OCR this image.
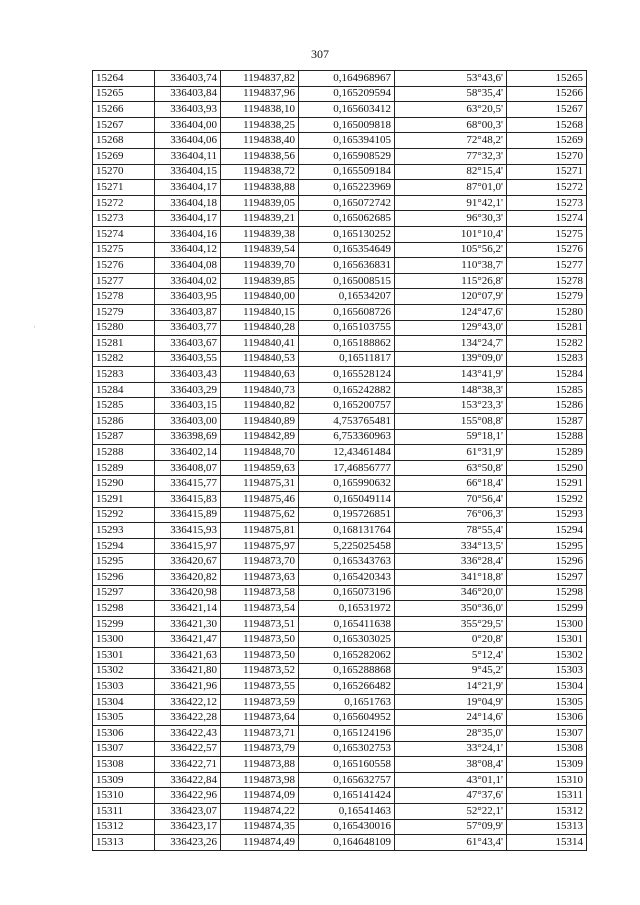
307
·
15264	336403,74	1194837,82	0,164968967	53°43,6'	15265
15265	336403,84	1194837,96	0,165209594	58°35,4'	15266
15266	336403,93	1194838,10	0,165603412	63°20,5'	15267
15267	336404,00	1194838,25	0,165009818	68°00,3'	15268
15268	336404,06	1194838,40	0,165394105	72°48,2'	15269
15269	336404,11	1194838,56	0,165908529	77°32,3'	15270
15270	336404,15	1194838,72	0,165509184	82°15,4'	15271
15271	336404,17	1194838,88	0,165223969	87°01,0'	15272
15272	336404,18	1194839,05	0,165072742	91°42,1'	15273
15273	336404,17	1194839,21	0,165062685	96°30,3'	15274
15274	336404,16	1194839,38	0,165130252	101°10,4'	15275
15275	336404,12	1194839,54	0,165354649	105°56,2'	15276
15276	336404,08	1194839,70	0,165636831	110°38,7'	15277
15277	336404,02	1194839,85	0,165008515	115°26,8'	15278
15278	336403,95	1194840,00	0,16534207	120°07,9'	15279
15279	336403,87	1194840,15	0,165608726	124°47,6'	15280
15280	336403,77	1194840,28	0,165103755	129°43,0'	15281
15281	336403,67	1194840,41	0,165188862	134°24,7'	15282
15282	336403,55	1194840,53	0,16511817	139°09,0'	15283
15283	336403,43	1194840,63	0,165528124	143°41,9'	15284
15284	336403,29	1194840,73	0,165242882	148°38,3'	15285
15285	336403,15	1194840,82	0,165200757	153°23,3'	15286
15286	336403,00	1194840,89	4,753765481	155°08,8'	15287
15287	336398,69	1194842,89	6,753360963	59°18,1'	15288
15288	336402,14	1194848,70	12,43461484	61°31,9'	15289
15289	336408,07	1194859,63	17,46856777	63°50,8'	15290
15290	336415,77	1194875,31	0,165990632	66°18,4'	15291
15291	336415,83	1194875,46	0,165049114	70°56,4'	15292
15292	336415,89	1194875,62	0,195726851	76°06,3'	15293
15293	336415,93	1194875,81	0,168131764	78°55,4'	15294
15294	336415,97	1194875,97	5,225025458	334°13,5'	15295
15295	336420,67	1194873,70	0,165343763	336°28,4'	15296
15296	336420,82	1194873,63	0,165420343	341°18,8'	15297
15297	336420,98	1194873,58	0,165073196	346°20,0'	15298
15298	336421,14	1194873,54	0,16531972	350°36,0'	15299
15299	336421,30	1194873,51	0,165411638	355°29,5'	15300
15300	336421,47	1194873,50	0,165303025	0°20,8'	15301
15301	336421,63	1194873,50	0,165282062	5°12,4'	15302
15302	336421,80	1194873,52	0,165288868	9°45,2'	15303
15303	336421,96	1194873,55	0,165266482	14°21,9'	15304
15304	336422,12	1194873,59	0,1651763	19°04,9'	15305
15305	336422,28	1194873,64	0,165604952	24°14,6'	15306
15306	336422,43	1194873,71	0,165124196	28°35,0'	15307
15307	336422,57	1194873,79	0,165302753	33°24,1'	15308
15308	336422,71	1194873,88	0,165160558	38°08,4'	15309
15309	336422,84	1194873,98	0,165632757	43°01,1'	15310
15310	336422,96	1194874,09	0,165141424	47°37,6'	15311
15311	336423,07	1194874,22	0,16541463	52°22,1'	15312
15312	336423,17	1194874,35	0,165430016	57°09,9'	15313
15313	336423,26	1194874,49	0,164648109	61°43,4'	15314
